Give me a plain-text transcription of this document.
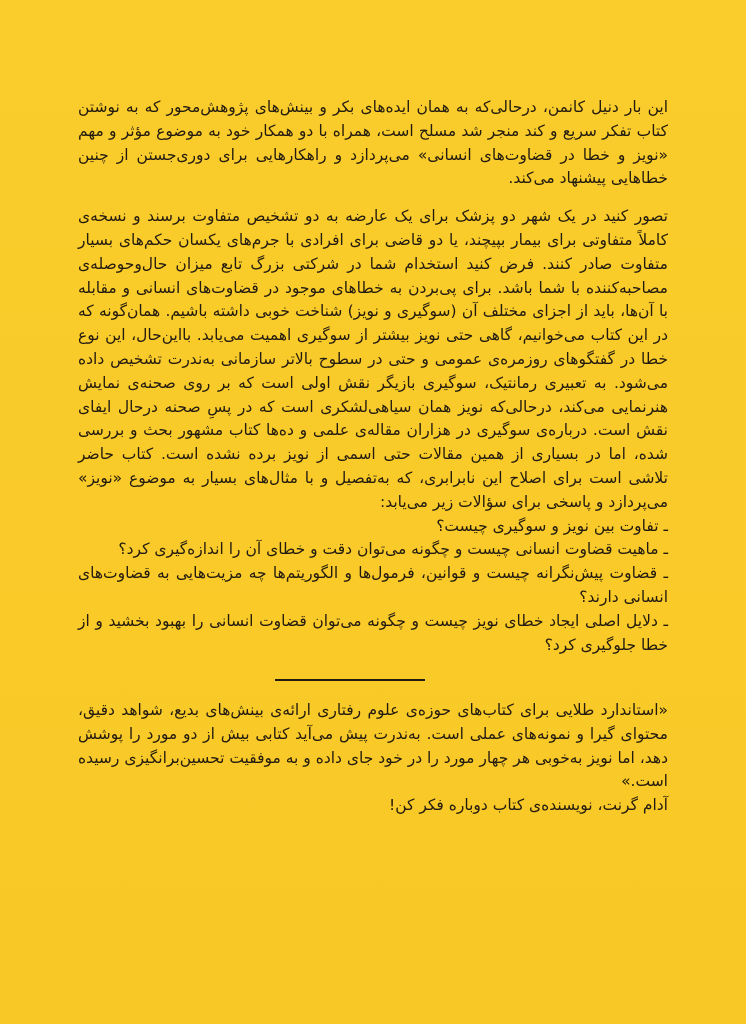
این بار دنیل کانمن، درحالی‌که به همان ایده‌های بکر و بینش‌های پژوهش‌محور که به نوشتن کتاب تفکر سریع و کند منجر شد مسلح است، همراه با دو همکار خود به موضوع مؤثر و مهم «نویز و خطا در قضاوت‌های انسانی» می‌پردازد و راهکارهایی برای دوری‌جستن از چنین خطاهایی پیشنهاد می‌کند.

تصور کنید در یک شهر دو پزشک برای یک عارضه به دو تشخیص متفاوت برسند و نسخه‌ی کاملاً متفاوتی برای بیمار بپیچند، یا دو قاضی برای افرادی با جرم‌های یکسان حکم‌های بسیار متفاوت صادر کنند. فرض کنید استخدام شما در شرکتی بزرگ تابع میزان حال‌وحوصله‌ی مصاحبه‌کننده با شما باشد. برای پی‌بردن به خطاهای موجود در قضاوت‌های انسانی و مقابله با آن‌ها، باید از اجزای مختلف آن (سوگیری و نویز) شناخت خوبی داشته باشیم. همان‌گونه که در این کتاب می‌خوانیم، گاهی حتی نویز بیشتر از سوگیری اهمیت می‌یابد. بااین‌حال، این نوع خطا در گفتگوهای روزمره‌ی عمومی و حتی در سطوح بالاتر سازمانی به‌ندرت تشخیص داده می‌شود. به تعبیری رمانتیک، سوگیری بازیگر نقش اولی است که بر روی صحنه‌ی نمایش هنرنمایی می‌کند، درحالی‌که نویز همان سیاهی‌لشکری است که در پسِ صحنه درحال ایفای نقش است. درباره‌ی سوگیری در هزاران مقاله‌ی علمی و ده‌ها کتاب مشهور بحث و بررسی شده، اما در بسیاری از همین مقالات حتی اسمی از نویز برده نشده است. کتاب حاضر تلاشی است برای اصلاح این نابرابری، که به‌تفصیل و با مثال‌های بسیار به موضوع «نویز» می‌پردازد و پاسخی برای سؤالات زیر می‌یابد:

ـ تفاوت بین نویز و سوگیری چیست؟
ـ ماهیت قضاوت انسانی چیست و چگونه می‌توان دقت و خطای آن را اندازه‌گیری کرد؟
ـ قضاوت پیش‌نگرانه چیست و قوانین، فرمول‌ها و الگوریتم‌ها چه مزیت‌هایی به قضاوت‌های انسانی دارند؟
ـ دلایل اصلی ایجاد خطای نویز چیست و چگونه می‌توان قضاوت انسانی را بهبود بخشید و از خطا جلوگیری کرد؟

«استاندارد طلایی برای کتاب‌های حوزه‌ی علوم رفتاری ارائه‌ی بینش‌های بدیع، شواهد دقیق، محتوای گیرا و نمونه‌های عملی است. به‌ندرت پیش می‌آید کتابی بیش از دو مورد را پوشش دهد، اما نویز به‌خوبی هر چهار مورد را در خود جای داده و به موفقیت تحسین‌برانگیزی رسیده است.»

آدام گرنت، نویسنده‌ی کتاب دوباره فکر کن!
